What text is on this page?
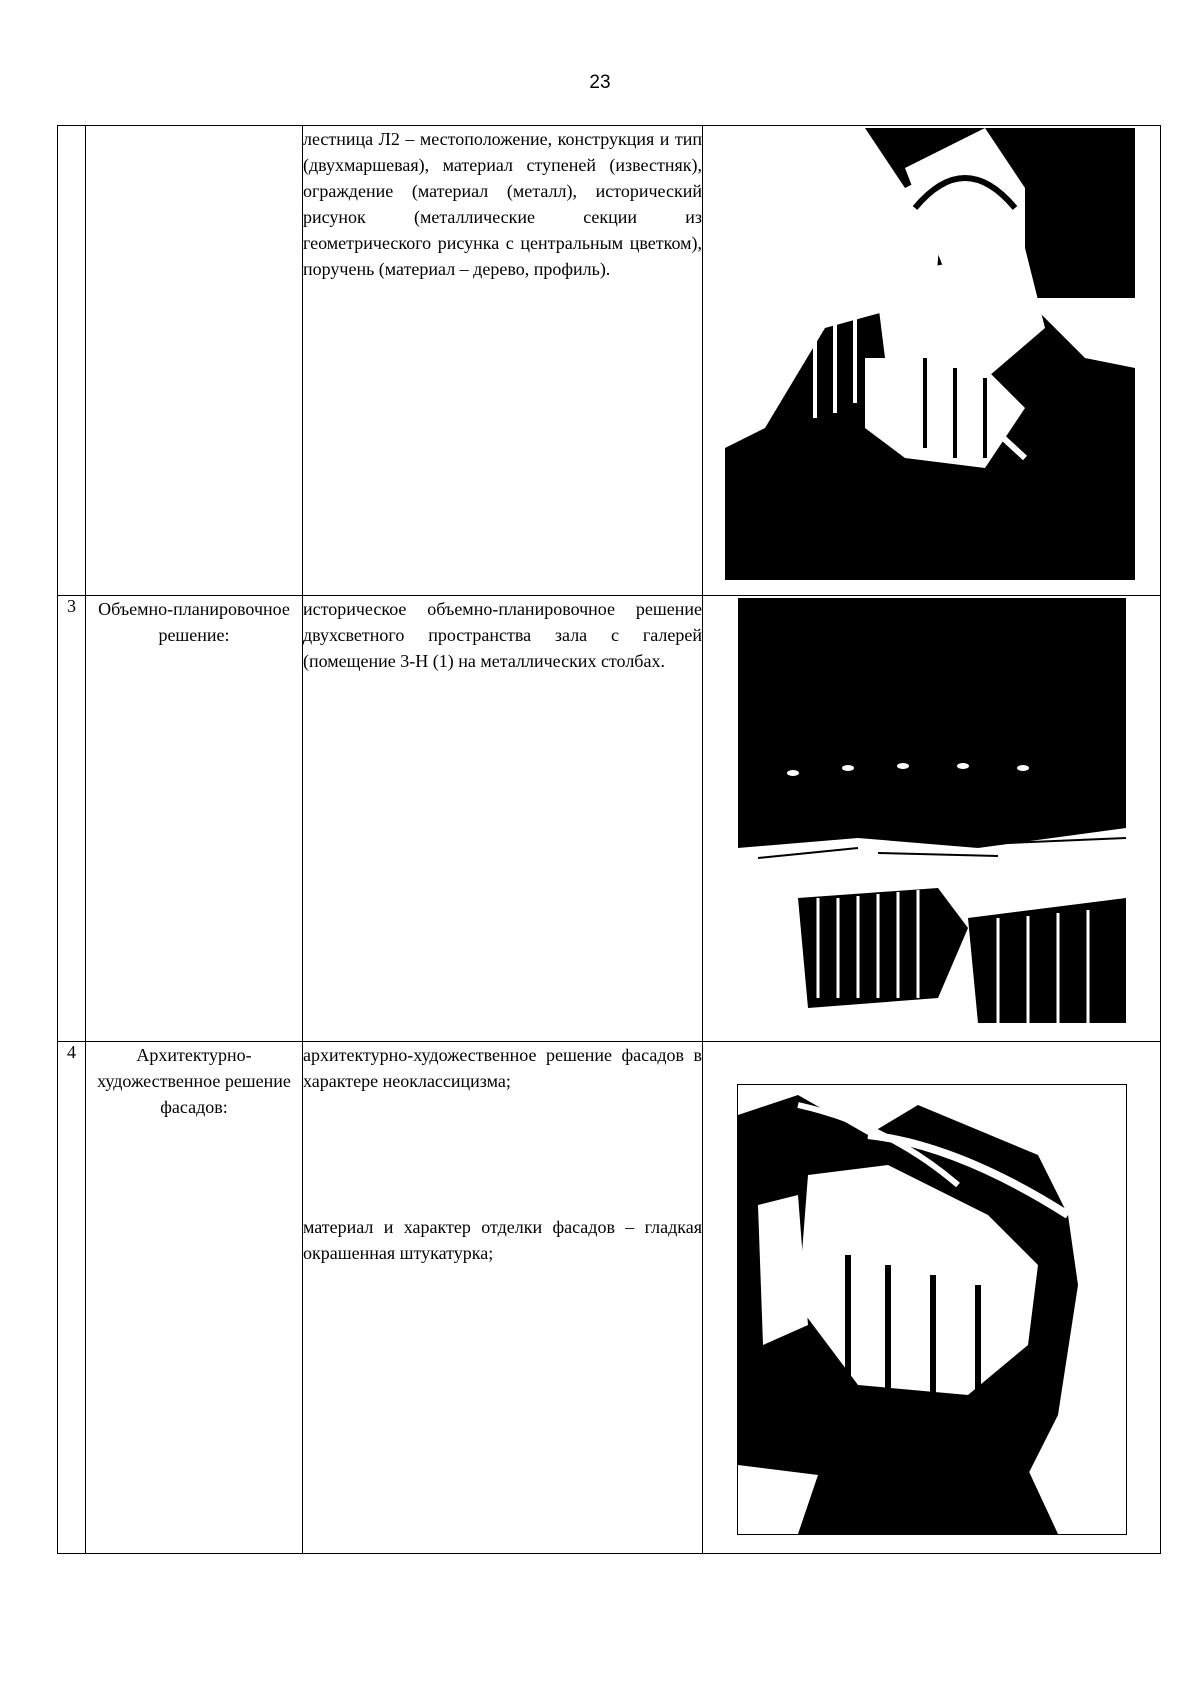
23

		лестница Л2 – местоположение, конструкция и тип (двухмаршевая), материал ступеней (известняк), ограждение (материал (металл), исторический рисунок (металлические секции из геометрического рисунка с центральным цветком), поручень (материал – дерево, профиль).

3	Объемно-планировочное решение:	историческое объемно-планировочное решение двухсветного пространства зала с галерей (помещение 3-Н (1) на металлических столбах.

4	Архитектурно-художественное решение фасадов:	архитектурно-художественное решение фасадов в характере неоклассицизма;

материал и характер отделки фасадов – гладкая окрашенная штукатурка;
